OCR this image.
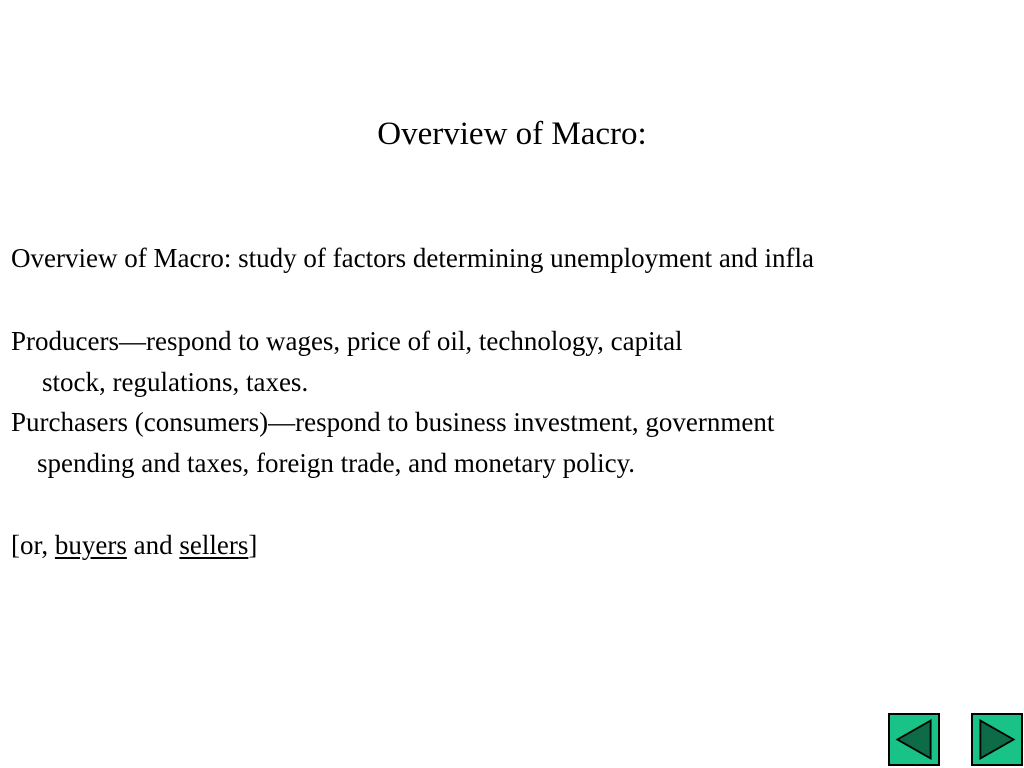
Overview of Macro:
Overview of Macro: study of factors determining unemployment and infla
Producers—respond to wages, price of oil, technology, capital
stock, regulations, taxes.
Purchasers (consumers)—respond to business investment, government
spending and taxes, foreign trade, and monetary policy.
[or, buyers and sellers]
